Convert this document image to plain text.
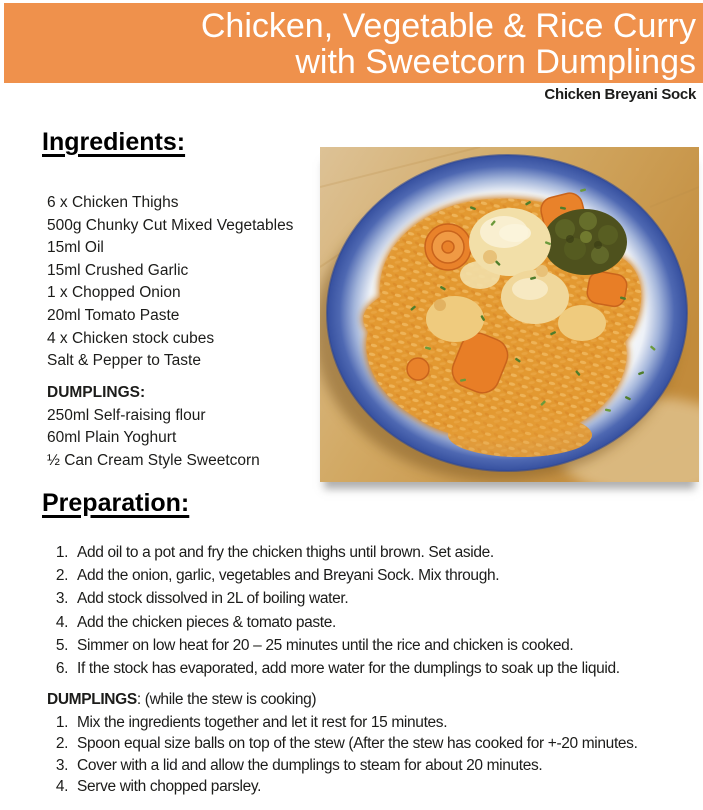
Chicken, Vegetable & Rice Curry
with Sweetcorn Dumplings
Chicken Breyani Sock
Ingredients:
6 x Chicken Thighs
500g Chunky Cut Mixed Vegetables
15ml Oil
15ml Crushed Garlic
1 x Chopped Onion
20ml Tomato Paste
4 x Chicken stock cubes
Salt & Pepper to Taste
DUMPLINGS:
250ml Self-raising flour
60ml Plain Yoghurt
½ Can Cream Style Sweetcorn
Preparation:
1. Add oil to a pot and fry the chicken thighs until brown. Set aside.
2. Add the onion, garlic, vegetables and Breyani Sock. Mix through.
3. Add stock dissolved in 2L of boiling water.
4. Add the chicken pieces & tomato paste.
5. Simmer on low heat for 20 – 25 minutes until the rice and chicken is cooked.
6. If the stock has evaporated, add more water for the dumplings to soak up the liquid.
DUMPLINGS: (while the stew is cooking)
1. Mix the ingredients together and let it rest for 15 minutes.
2. Spoon equal size balls on top of the stew (After the stew has cooked for +-20 minutes.
3. Cover with a lid and allow the dumplings to steam for about 20 minutes.
4. Serve with chopped parsley.
